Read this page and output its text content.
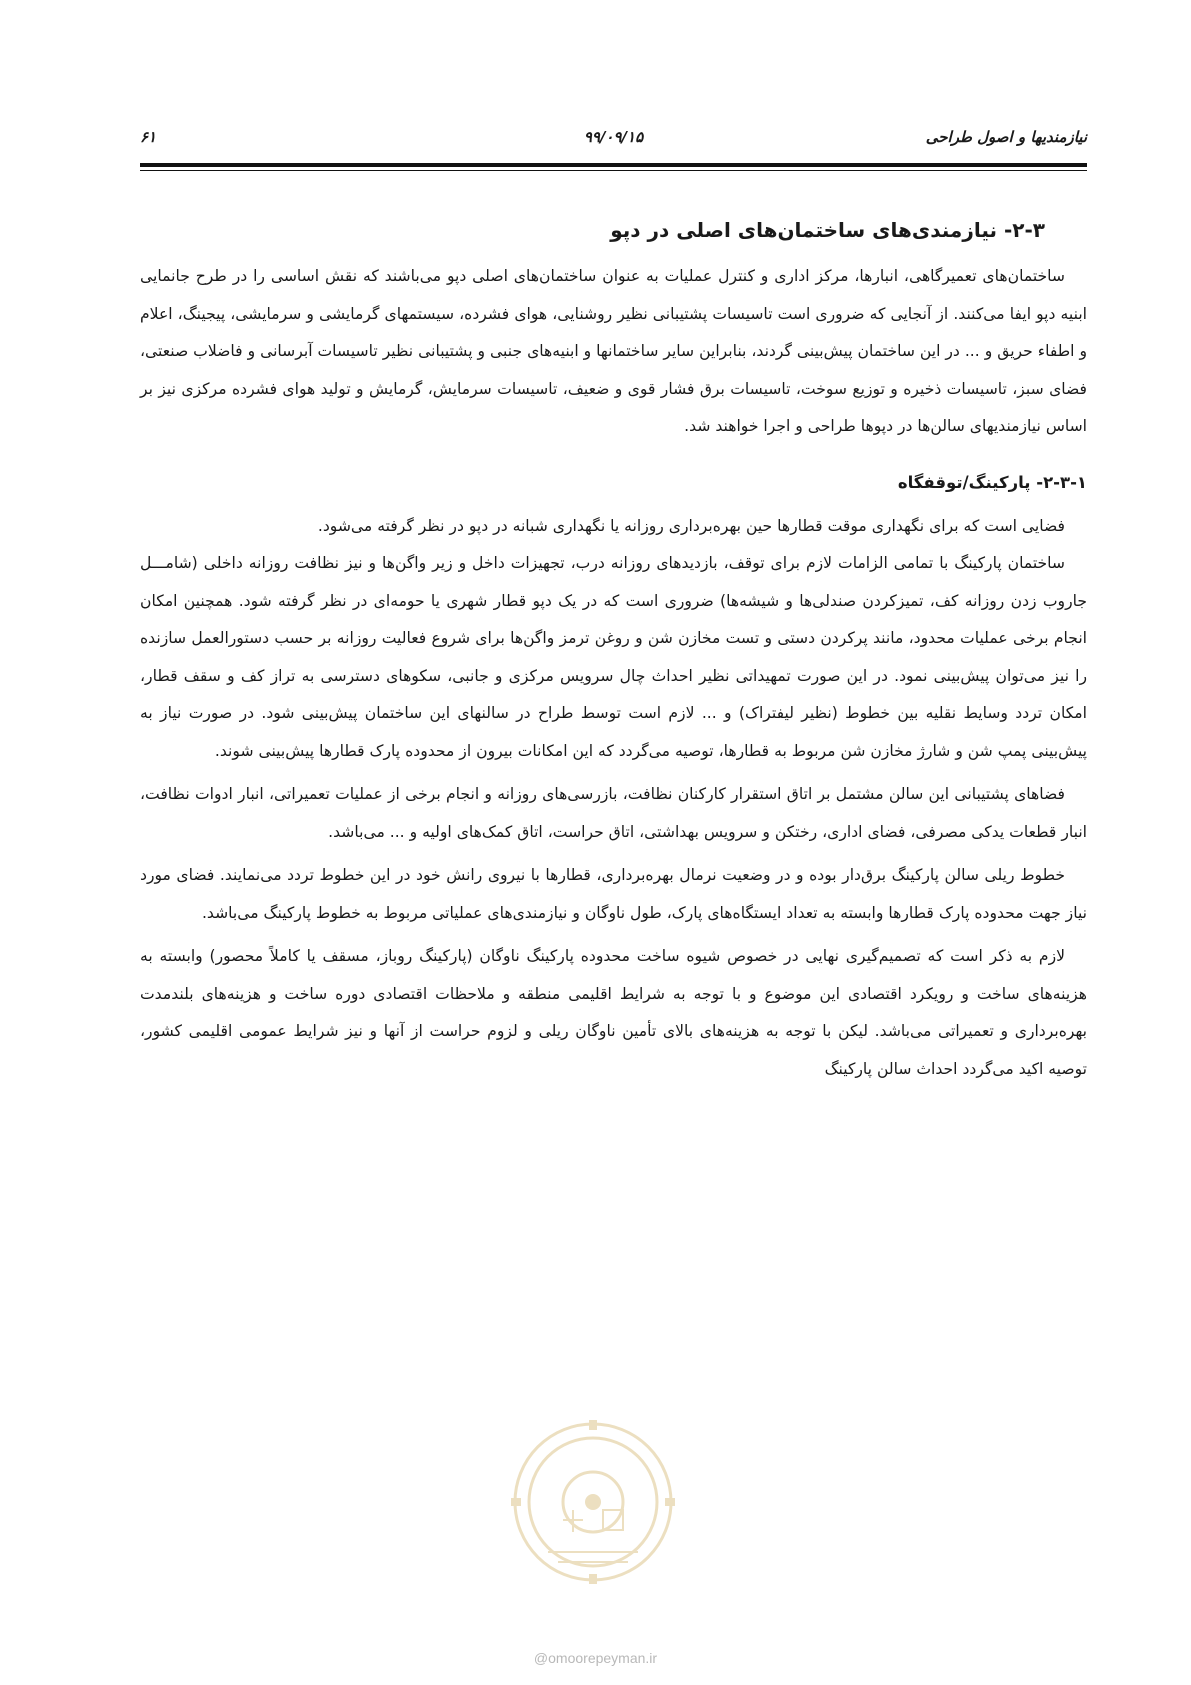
نیازمندیها و اصول طراحی
۹۹/۰۹/۱۵
۶۱
۲-۳- نیازمندی‌های ساختمان‌های اصلی در دپو

ساختمان‌های تعمیرگاهی، انبارها، مرکز اداری و کنترل عملیات به عنوان ساختمان‌های اصلی دپو می‌باشند که نقش اساسی را در طرح جانمایی ابنیه دپو ایفا می‌کنند. از آنجایی که ضروری است تاسیسات پشتیبانی نظیر روشنایی، هوای فشرده، سیستمهای گرمایشی و سرمایشی، پیجینگ، اعلام و اطفاء حریق و ... در این ساختمان پیش‌بینی گردند، بنابراین سایر ساختمانها و ابنیه‌های جنبی و پشتیبانی نظیر تاسیسات آبرسانی و فاضلاب صنعتی، فضای سبز، تاسیسات ذخیره و توزیع سوخت، تاسیسات برق فشار قوی و ضعیف، تاسیسات سرمایش، گرمایش و تولید هوای فشرده مرکزی نیز بر اساس نیازمندیهای سالن‌ها در دپوها طراحی و اجرا خواهند شد.

۲-۳-۱- پارکینگ/توقفگاه

فضایی است که برای نگهداری موقت قطارها حین بهره‌برداری روزانه یا نگهداری شبانه در دپو در نظر گرفته می‌شود.

ساختمان پارکینگ با تمامی الزامات لازم برای توقف، بازدیدهای روزانه درب، تجهیزات داخل و زیر واگن‌ها و نیز نظافت روزانه داخلی (شامـــل جاروب زدن روزانه کف، تمیزکردن صندلی‌ها و شیشه‌ها) ضروری است که در یک دپو قطار شهری یا حومه‌ای در نظر گرفته شود. همچنین امکان انجام برخی عملیات محدود، مانند پرکردن دستی و تست مخازن شن و روغن ترمز واگن‌ها برای شروع فعالیت روزانه بر حسب دستورالعمل سازنده را نیز می‌توان پیش‌بینی نمود. در این صورت تمهیداتی نظیر احداث چال سرویس مرکزی و جانبی، سکوهای دسترسی به تراز کف و سقف قطار، امکان تردد وسایط نقلیه بین خطوط (نظیر لیفتراک) و ... لازم است توسط طراح در سالنهای این ساختمان پیش‌بینی شود. در صورت نیاز به پیش‌بینی پمپ شن و شارژ مخازن شن مربوط به قطارها، توصیه می‌گردد که این امکانات بیرون از محدوده پارک قطارها پیش‌بینی شوند.

فضاهای پشتیبانی این سالن مشتمل بر اتاق استقرار کارکنان نظافت، بازرسی‌های روزانه و انجام برخی از عملیات تعمیراتی، انبار ادوات نظافت، انبار قطعات یدکی مصرفی، فضای اداری، رختکن و سرویس بهداشتی، اتاق حراست، اتاق کمک‌های اولیه و ... می‌باشد.

خطوط ریلی سالن پارکینگ برق‌دار بوده و در وضعیت نرمال بهره‌برداری، قطارها با نیروی رانش خود در این خطوط تردد می‌نمایند. فضای مورد نیاز جهت محدوده پارک قطارها وابسته به تعداد ایستگاه‌های پارک، طول ناوگان و نیازمندی‌های عملیاتی مربوط به خطوط پارکینگ می‌باشد.

لازم به ذکر است که تصمیم‌گیری نهایی در خصوص شیوه ساخت محدوده پارکینگ ناوگان (پارکینگ روباز، مسقف یا کاملاً محصور) وابسته به هزینه‌های ساخت و رویکرد اقتصادی این موضوع و با توجه به شرایط اقلیمی منطقه و ملاحظات اقتصادی دوره ساخت و هزینه‌های بلندمدت بهره‌برداری و تعمیراتی می‌باشد. لیکن با توجه به هزینه‌های بالای تأمین ناوگان ریلی و لزوم حراست از آنها و نیز شرایط عمومی اقلیمی کشور، توصیه اکید می‌گردد احداث سالن پارکینگ

@omoorepeyman.ir
